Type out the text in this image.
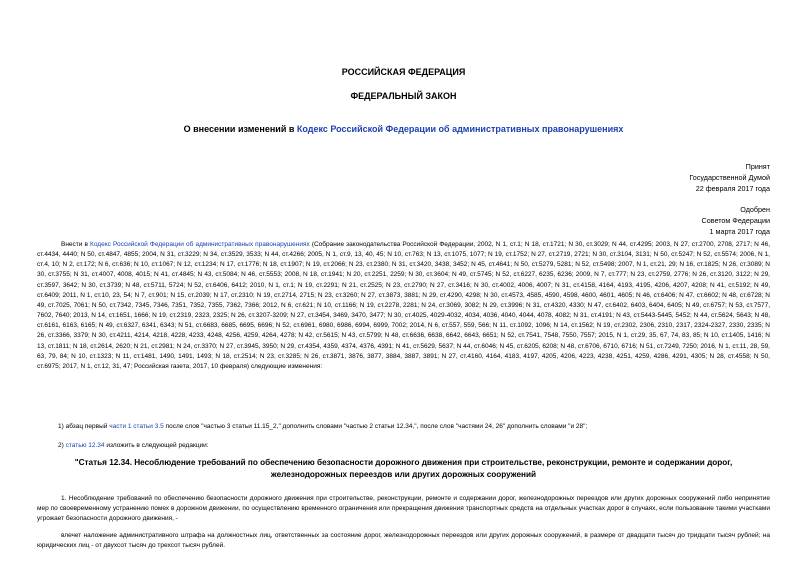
РОССИЙСКАЯ ФЕДЕРАЦИЯ
ФЕДЕРАЛЬНЫЙ ЗАКОН
О внесении изменений в Кодекс Российской Федерации об административных правонарушениях
Принят
Государственной Думой
22 февраля 2017 года
Одобрен
Советом Федерации
1 марта 2017 года
Внести в Кодекс Российской Федерации об административных правонарушениях (Собрание законодательства Российской Федерации, 2002, N 1, ст.1; N 18, ст.1721; N 30, ст.3029; N 44, ст.4295; 2003, N 27, ст.2700, 2708, 2717; N 46, ст.4434, 4440; N 50, ст.4847, 4855; 2004, N 31, ст.3229; N 34, ст.3529, 3533; N 44, ст.4266; 2005, N 1, ст.9, 13, 40, 45; N 10, ст.763; N 13, ст.1075, 1077; N 19, ст.1752; N 27, ст.2719, 2721; N 30, ст.3104, 3131; N 50, ст.5247; N 52, ст.5574; 2006, N 1, ст.4, 10; N 2, ст.172; N 6, ст.636; N 10, ст.1067; N 12, ст.1234; N 17, ст.1776; N 18, ст.1907; N 19, ст.2066; N 23, ст.2380; N 31, ст.3420, 3438, 3452; N 45, ст.4641; N 50, ст.5279, 5281; N 52, ст.5498; 2007, N 1, ст.21, 29; N 16, ст.1825; N 26, ст.3089; N 30, ст.3755; N 31, ст.4007, 4008, 4015; N 41, ст.4845; N 43, ст.5084; N 46, ст.5553; 2008, N 18, ст.1941; N 20, ст.2251, 2259; N 30, ст.3604; N 49, ст.5745; N 52, ст.6227, 6235, 6236; 2009, N 7, ст.777; N 23, ст.2759, 2776; N 26, ст.3120, 3122; N 29, ст.3597, 3642; N 30, ст.3739; N 48, ст.5711, 5724; N 52, ст.6406, 6412; 2010, N 1, ст.1; N 19, ст.2291; N 21, ст.2525; N 23, ст.2790; N 27, ст.3416; N 30, ст.4002, 4006, 4007; N 31, ст.4158, 4164, 4193, 4195, 4206, 4207, 4208; N 41, ст.5192; N 49, ст.6409; 2011, N 1, ст.10, 23, 54; N 7, ст.901; N 15, ст.2039; N 17, ст.2310; N 19, ст.2714, 2715; N 23, ст.3260; N 27, ст.3873, 3881; N 29, ст.4290, 4298; N 30, ст.4573, 4585, 4590, 4598, 4600, 4601, 4605; N 46, ст.6406; N 47, ст.6602; N 48, ст.6728; N 49, ст.7025, 7061; N 50, ст.7342, 7345, 7346, 7351, 7352, 7355, 7362, 7366; 2012, N 6, ст.621; N 10, ст.1166; N 19, ст.2278, 2281; N 24, ст.3069, 3082; N 29, ст.3996; N 31, ст.4320, 4330; N 47, ст.6402, 6403, 6404, 6405; N 49, ст.6757; N 53, ст.7577, 7602, 7640; 2013, N 14, ст.1651, 1666; N 19, ст.2319, 2323, 2325; N 26, ст.3207-3209; N 27, ст.3454, 3469, 3470, 3477; N 30, ст.4025, 4029-4032, 4034, 4036, 4040, 4044, 4078, 4082; N 31, ст.4191; N 43, ст.5443-5445, 5452; N 44, ст.5624, 5643; N 48, ст.6161, 6163, 6165; N 49, ст.6327, 6341, 6343; N 51, ст.6683, 6685, 6695, 6696; N 52, ст.6961, 6980, 6986, 6994, 6999, 7002; 2014, N 6, ст.557, 559, 566; N 11, ст.1092, 1096; N 14, ст.1562; N 19, ст.2302, 2306, 2310, 2317, 2324-2327, 2330, 2335; N 26, ст.3366, 3379; N 30, ст.4211, 4214, 4218, 4228, 4233, 4248, 4256, 4259, 4264, 4278; N 42, ст.5615; N 43, ст.5799; N 48, ст.6636, 6638, 6642, 6643, 6651; N 52, ст.7541, 7548, 7550, 7557; 2015, N 1, ст.29, 35, 67, 74, 83, 85; N 10, ст.1405, 1416; N 13, ст.1811; N 18, ст.2614, 2620; N 21, ст.2981; N 24, ст.3370; N 27, ст.3945, 3950; N 29, ст.4354, 4359, 4374, 4376, 4391; N 41, ст.5629, 5637; N 44, ст.6046; N 45, ст.6205, 6208; N 48, ст.6706, 6710, 6716; N 51, ст.7249, 7250; 2016, N 1, ст.11, 28, 59, 63, 79, 84; N 10, ст.1323; N 11, ст.1481, 1490, 1491, 1493; N 18, ст.2514; N 23, ст.3285; N 26, ст.3871, 3876, 3877, 3884, 3887, 3891; N 27, ст.4160, 4164, 4183, 4197, 4205, 4206, 4223, 4238, 4251, 4259, 4286, 4291, 4305; N 28, ст.4558; N 50, ст.6975; 2017, N 1, ст.12, 31, 47; Российская газета, 2017, 10 февраля) следующие изменения:
1) абзац первый части 1 статьи 3.5 после слов "частью 3 статьи 11.15_2," дополнить словами "частью 2 статьи 12.34,", после слов "частями 24, 26" дополнить словами "и 28";
2) статью 12.34 изложить в следующей редакции:
"Статья 12.34. Несоблюдение требований по обеспечению безопасности дорожного движения при строительстве, реконструкции, ремонте и содержании дорог, железнодорожных переездов или других дорожных сооружений
1. Несоблюдение требований по обеспечению безопасности дорожного движения при строительстве, реконструкции, ремонте и содержании дорог, железнодорожных переездов или других дорожных сооружений либо непринятие мер по своевременному устранению помех в дорожном движении, по осуществлению временного ограничения или прекращения движения транспортных средств на отдельных участках дорог в случаях, если пользование такими участками угрожает безопасности дорожного движения, -
влечет наложение административного штрафа на должностных лиц, ответственных за состояние дорог, железнодорожных переездов или других дорожных сооружений, в размере от двадцати тысяч до тридцати тысяч рублей; на юридических лиц - от двухсот тысяч до трехсот тысяч рублей.
